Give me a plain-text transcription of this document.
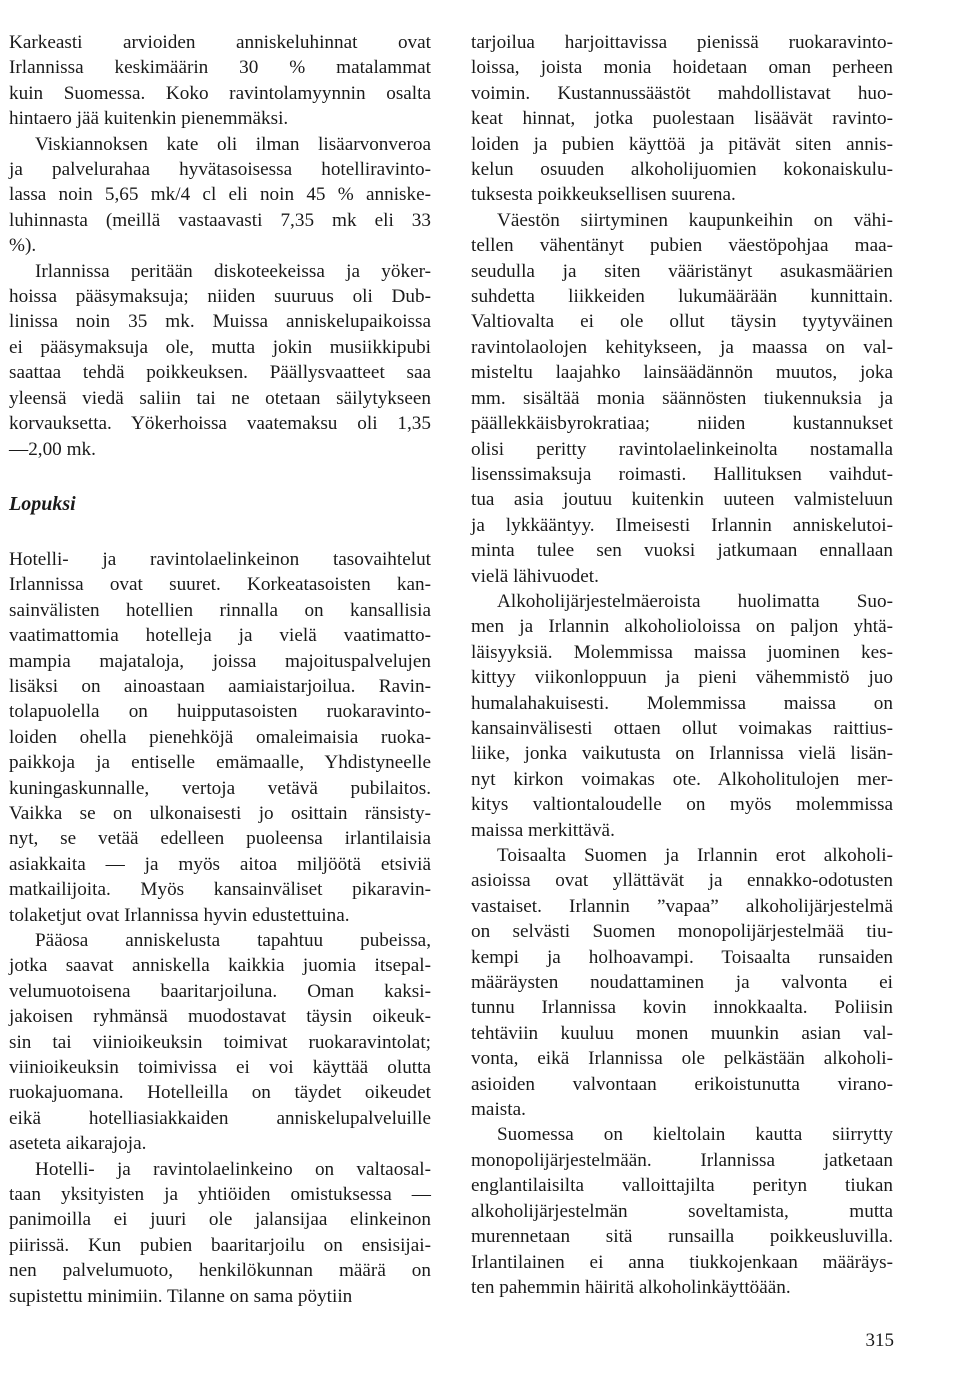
Karkeasti arvioiden anniskeluhinnat ovat
Irlannissa keskimäärin 30 % matalammat
kuin Suomessa. Koko ravintolamyynnin osalta
hintaero jää kuitenkin pienemmäksi.

Viskiannoksen kate oli ilman lisäarvonveroa
ja palvelurahaa hyvätasoisessa hotelliravinto-
lassa noin 5,65 mk/4 cl eli noin 45 % anniske-
luhinnasta (meillä vastaavasti 7,35 mk eli 33
%).

Irlannissa peritään diskoteekeissa ja yöker-
hoissa pääsymaksuja; niiden suuruus oli Dub-
linissa noin 35 mk. Muissa anniskelupaikoissa
ei pääsymaksuja ole, mutta jokin musiikkipubi
saattaa tehdä poikkeuksen. Päällysvaatteet saa
yleensä viedä saliin tai ne otetaan säilytykseen
korvauksetta. Yökerhoissa vaatemaksu oli 1,35
—2,00 mk.

Lopuksi

Hotelli- ja ravintolaelinkeinon tasovaihtelut
Irlannissa ovat suuret. Korkeatasoisten kan-
sainvälisten hotellien rinnalla on kansallisia
vaatimattomia hotelleja ja vielä vaatimatto-
mampia majataloja, joissa majoituspalvelujen
lisäksi on ainoastaan aamiaistarjoilua. Ravin-
tolapuolella on huipputasoisten ruokaravinto-
loiden ohella pienehköjä omaleimaisia ruoka-
paikkoja ja entiselle emämaalle, Yhdistyneelle
kuningaskunnalle, vertoja vetävä pubilaitos.
Vaikka se on ulkonaisesti jo osittain ränsisty-
nyt, se vetää edelleen puoleensa irlantilaisia
asiakkaita — ja myös aitoa miljöötä etsiviä
matkailijoita. Myös kansainväliset pikaravin-
tolaketjut ovat Irlannissa hyvin edustettuina.

Pääosa anniskelusta tapahtuu pubeissa,
jotka saavat anniskella kaikkia juomia itsepal-
velumuotoisena baaritarjoiluna. Oman kaksi-
jakoisen ryhmänsä muodostavat täysin oikeuk-
sin tai viinioikeuksin toimivat ruokaravintolat;
viinioikeuksin toimivissa ei voi käyttää olutta
ruokajuomana. Hotelleilla on täydet oikeudet
eikä hotelliasiakkaiden anniskelupalveluille
aseteta aikarajoja.

Hotelli- ja ravintolaelinkeino on valtaosal-
taan yksityisten ja yhtiöiden omistuksessa —
panimoilla ei juuri ole jalansijaa elinkeinon
piirissä. Kun pubien baaritarjoilu on ensisijai-
nen palvelumuoto, henkilökunnan määrä on
supistettu minimiin. Tilanne on sama pöytiin

tarjoilua harjoittavissa pienissä ruokaravinto-
loissa, joista monia hoidetaan oman perheen
voimin. Kustannussäästöt mahdollistavat huo-
keat hinnat, jotka puolestaan lisäävät ravinto-
loiden ja pubien käyttöä ja pitävät siten annis-
kelun osuuden alkoholijuomien kokonaiskulu-
tuksesta poikkeuksellisen suurena.

Väestön siirtyminen kaupunkeihin on vähi-
tellen vähentänyt pubien väestöpohjaa maa-
seudulla ja siten vääristänyt asukasmäärien
suhdetta liikkeiden lukumäärään kunnittain.
Valtiovalta ei ole ollut täysin tyytyväinen
ravintolaolojen kehitykseen, ja maassa on val-
misteltu laajahko lainsäädännön muutos, joka
mm. sisältää monia säännösten tiukennuksia ja
päällekkäisbyrokratiaa; niiden kustannukset
olisi peritty ravintolaelinkeinolta nostamalla
lisenssimaksuja roimasti. Hallituksen vaihdut-
tua asia joutuu kuitenkin uuteen valmisteluun
ja lykkääntyy. Ilmeisesti Irlannin anniskelutoi-
minta tulee sen vuoksi jatkumaan ennallaan
vielä lähivuodet.

Alkoholijärjestelmäeroista huolimatta Suo-
men ja Irlannin alkoholioloissa on paljon yhtä-
läisyyksiä. Molemmissa maissa juominen kes-
kittyy viikonloppuun ja pieni vähemmistö juo
humalahakuisesti. Molemmissa maissa on
kansainvälisesti ottaen ollut voimakas raittius-
liike, jonka vaikutusta on Irlannissa vielä lisän-
nyt kirkon voimakas ote. Alkoholitulojen mer-
kitys valtiontaloudelle on myös molemmissa
maissa merkittävä.

Toisaalta Suomen ja Irlannin erot alkoholi-
asioissa ovat yllättävät ja ennakko-odotusten
vastaiset. Irlannin ”vapaa” alkoholijärjestelmä
on selvästi Suomen monopolijärjestelmää tiu-
kempi ja holhoavampi. Toisaalta runsaiden
määräysten noudattaminen ja valvonta ei
tunnu Irlannissa kovin innokkaalta. Poliisin
tehtäviin kuuluu monen muunkin asian val-
vonta, eikä Irlannissa ole pelkästään alkoholi-
asioiden valvontaan erikoistunutta virano-
maista.

Suomessa on kieltolain kautta siirrytty
monopolijärjestelmään. Irlannissa jatketaan
englantilaisilta valloittajilta perityn tiukan
alkoholijärjestelmän soveltamista, mutta
murennetaan sitä runsailla poikkeusluvilla.
Irlantilainen ei anna tiukkojenkaan määräys-
ten pahemmin häiritä alkoholinkäyttöään.

315
